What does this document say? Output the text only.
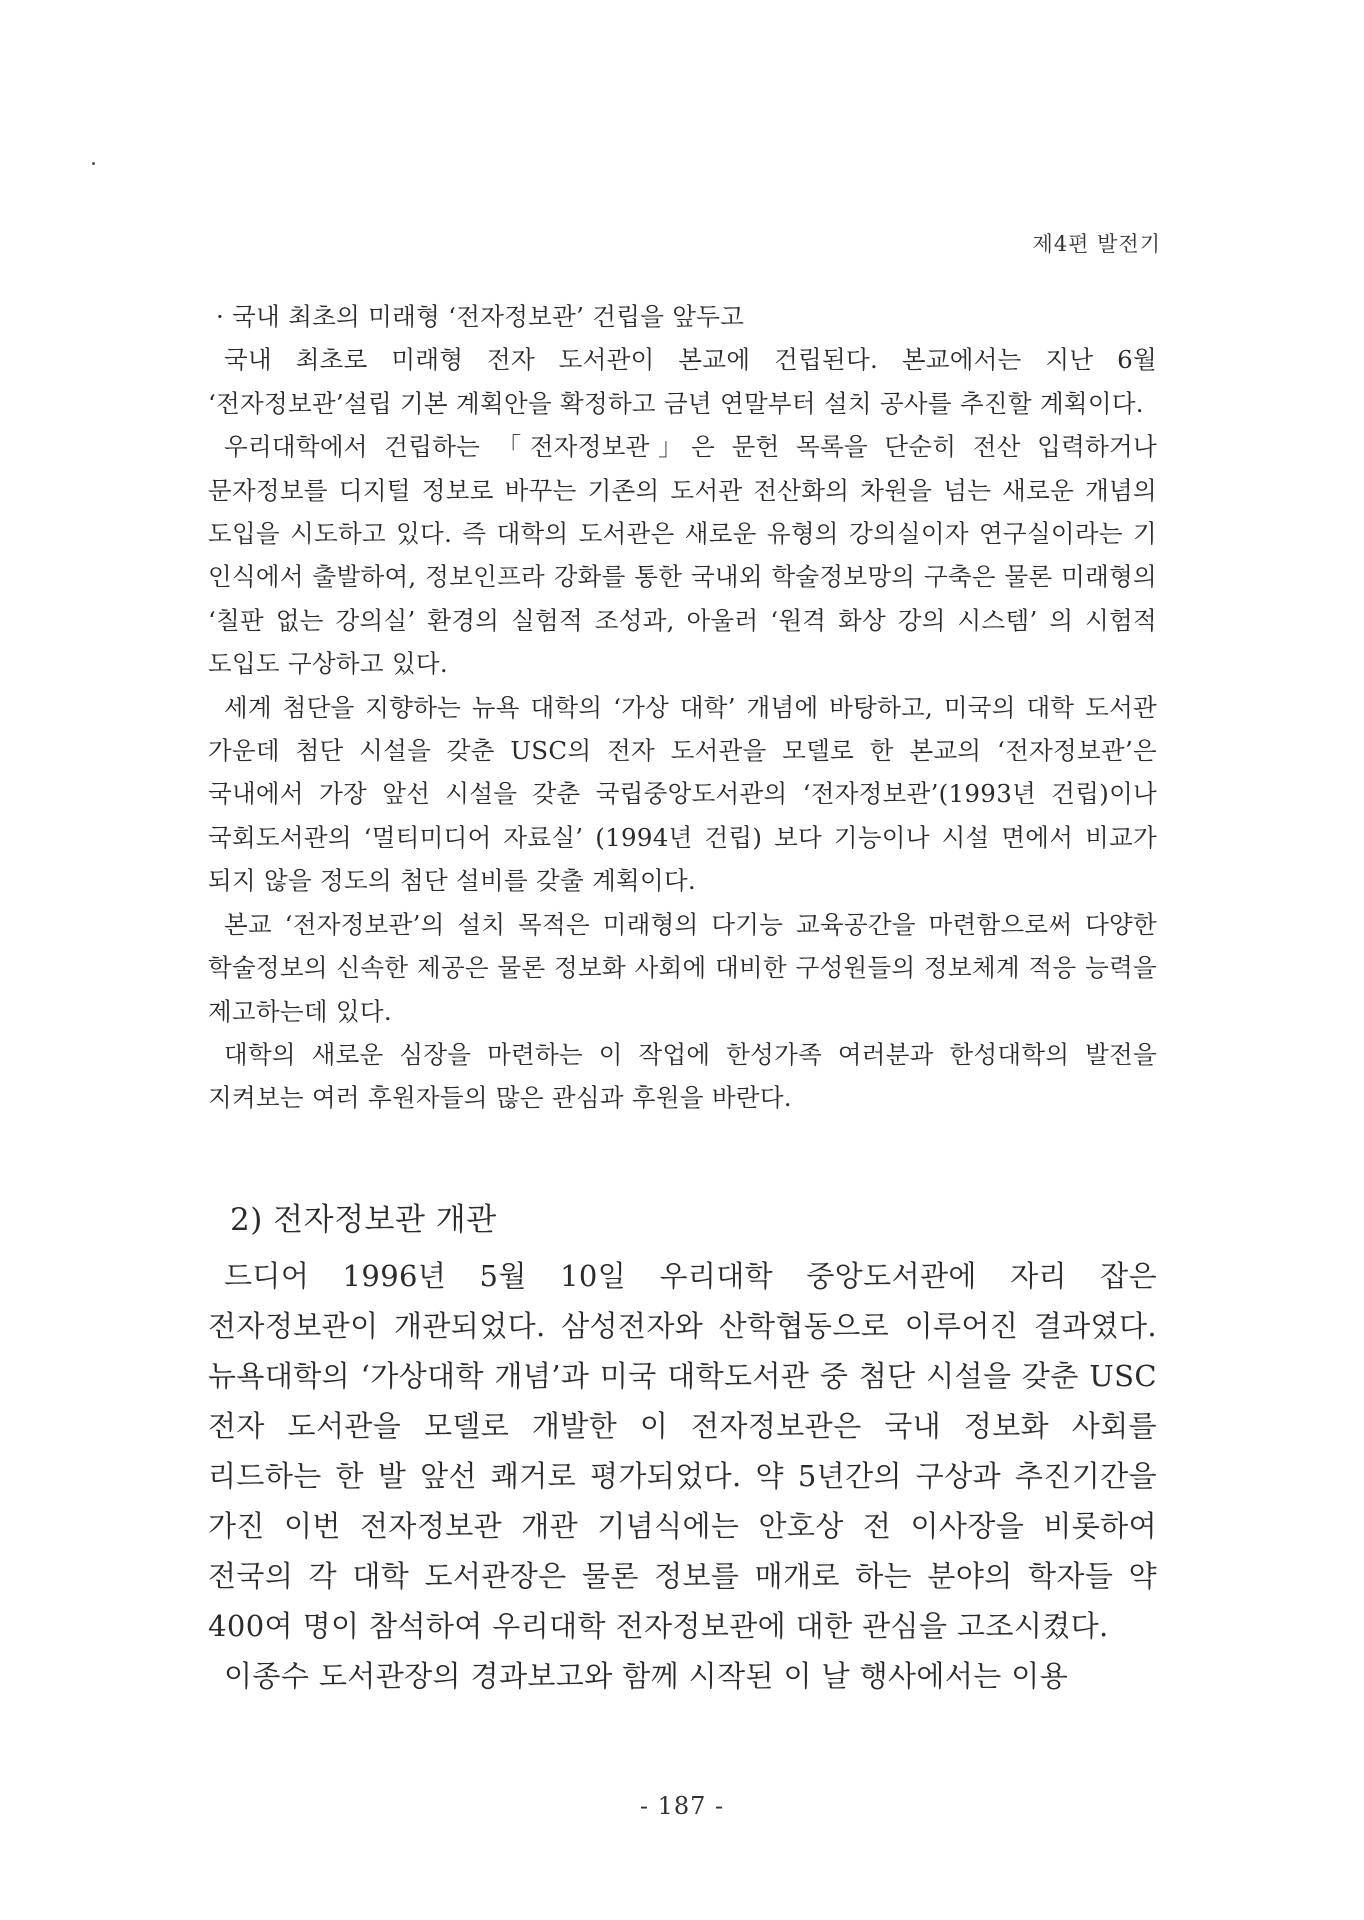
제4편 발전기

· 국내 최초의 미래형 ‘전자정보관’ 건립을 앞두고

국내 최초로 미래형 전자 도서관이 본교에 건립된다. 본교에서는 지난 6월 ‘전자정보관’설립 기본 계획안을 확정하고 금년 연말부터 설치 공사를 추진할 계획이다.

우리대학에서 건립하는 「전자정보관」은 문헌 목록을 단순히 전산 입력하거나 문자정보를 디지털 정보로 바꾸는 기존의 도서관 전산화의 차원을 넘는 새로운 개념의 도입을 시도하고 있다. 즉 대학의 도서관은 새로운 유형의 강의실이자 연구실이라는 기 인식에서 출발하여, 정보인프라 강화를 통한 국내외 학술정보망의 구축은 물론 미래형의 ‘칠판 없는 강의실’ 환경의 실험적 조성과, 아울러 ‘원격 화상 강의 시스템’ 의 시험적 도입도 구상하고 있다.

세계 첨단을 지향하는 뉴욕 대학의 ‘가상 대학’ 개념에 바탕하고, 미국의 대학 도서관 가운데 첨단 시설을 갖춘 USC의 전자 도서관을 모델로 한 본교의 ‘전자정보관’은 국내에서 가장 앞선 시설을 갖춘 국립중앙도서관의 ‘전자정보관’(1993년 건립)이나 국회도서관의 ‘멀티미디어 자료실’ (1994년 건립) 보다 기능이나 시설 면에서 비교가 되지 않을 정도의 첨단 설비를 갖출 계획이다.

본교 ‘전자정보관’의 설치 목적은 미래형의 다기능 교육공간을 마련함으로써 다양한 학술정보의 신속한 제공은 물론 정보화 사회에 대비한 구성원들의 정보체계 적응 능력을 제고하는데 있다.

대학의 새로운 심장을 마련하는 이 작업에 한성가족 여러분과 한성대학의 발전을 지켜보는 여러 후원자들의 많은 관심과 후원을 바란다.

2) 전자정보관 개관

드디어 1996년 5월 10일 우리대학 중앙도서관에 자리 잡은 전자정보관이 개관되었다. 삼성전자와 산학협동으로 이루어진 결과였다. 뉴욕대학의 ‘가상대학 개념’과 미국 대학도서관 중 첨단 시설을 갖춘 USC 전자 도서관을 모델로 개발한 이 전자정보관은 국내 정보화 사회를 리드하는 한 발 앞선 쾌거로 평가되었다. 약 5년간의 구상과 추진기간을 가진 이번 전자정보관 개관 기념식에는 안호상 전 이사장을 비롯하여 전국의 각 대학 도서관장은 물론 정보를 매개로 하는 분야의 학자들 약 400여 명이 참석하여 우리대학 전자정보관에 대한 관심을 고조시켰다.

이종수 도서관장의 경과보고와 함께 시작된 이 날 행사에서는 이용

- 187 -
